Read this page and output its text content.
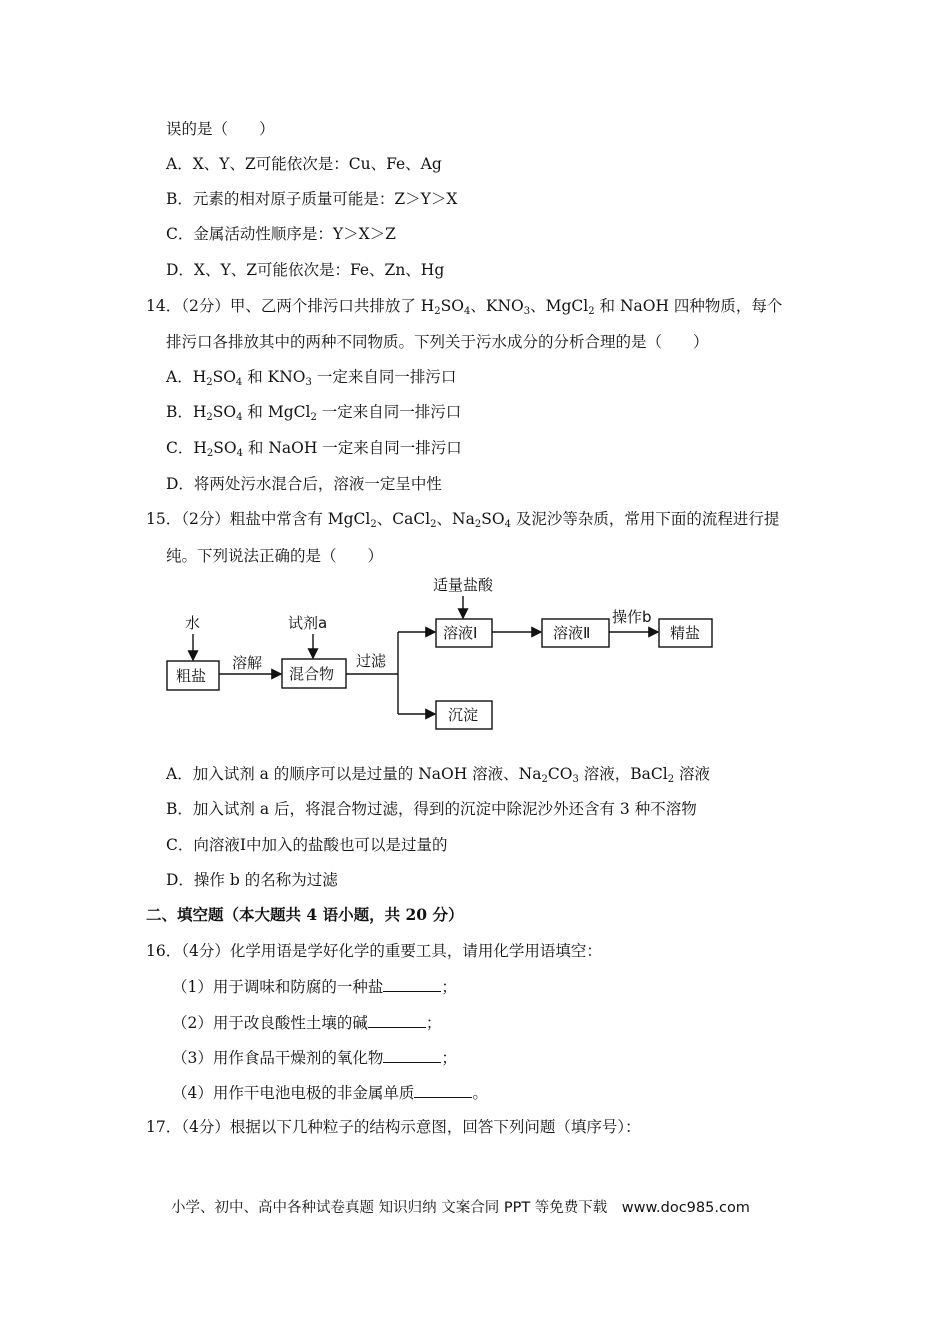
误的是（　　）
A．X、Y、Z可能依次是：Cu、Fe、Ag
B．元素的相对原子质量可能是：Z＞Y＞X
C．金属活动性顺序是：Y＞X＞Z
D．X、Y、Z可能依次是：Fe、Zn、Hg
14．（2分）甲、乙两个排污口共排放了 $H_2SO_4$、$KNO_3$、MgCl$_2$ 和 NaOH 四种物质，每个
排污口各排放其中的两种不同物质。下列关于污水成分的分析合理的是（　　）
A．$H_2SO_4$ 和 $KNO_3$ 一定来自同一排污口
B．$H_2SO_4$ 和 MgCl$_2$ 一定来自同一排污口
C．$H_2SO_4$ 和 NaOH 一定来自同一排污口
D．将两处污水混合后，溶液一定呈中性
15．（2分）粗盐中常含有 MgCl$_2$、CaCl$_2$、$Na_2SO_4$ 及泥沙等杂质，常用下面的流程进行提
纯。下列说法正确的是（　　）
水
粗盐
溶解
试剂a
混合物
过滤
适量盐酸
溶液Ⅰ	溶液Ⅱ
操作b
精盐
沉淀
A．加入试剂 a 的顺序可以是过量的 NaOH 溶液、$Na_2CO_3$ 溶液，BaCl$_2$ 溶液
B．加入试剂 a 后，将混合物过滤，得到的沉淀中除泥沙外还含有 3 种不溶物
C．向溶液Ⅰ中加入的盐酸也可以是过量的
D．操作 b 的名称为过滤
二、填空题（本大题共 4 语小题，共 20 分）
16．（4分）化学用语是学好化学的重要工具，请用化学用语填空：
（1）用于调味和防腐的一种盐	；
（2）用于改良酸性土壤的碱	；
（3）用作食品干燥剂的氧化物	；
（4）用作干电池电极的非金属单质	。
17．（4分）根据以下几种粒子的结构示意图，回答下列问题（填序号）：
小学、初中、高中各种试卷真题 知识归纳 文案合同 PPT 等免费下载　www.doc985.com
